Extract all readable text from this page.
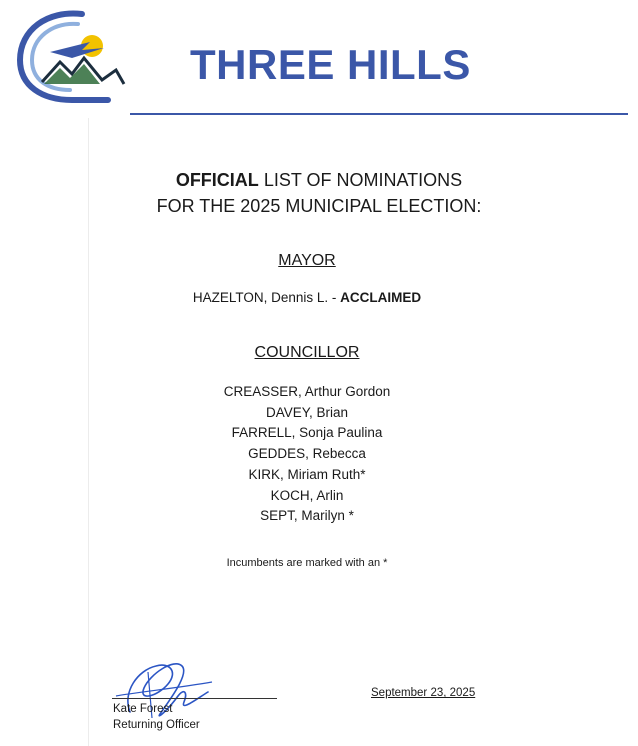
THREE HILLS
OFFICIAL LIST OF NOMINATIONS
FOR THE 2025 MUNICIPAL ELECTION:
MAYOR
HAZELTON, Dennis L. - ACCLAIMED
COUNCILLOR
CREASSER, Arthur Gordon
DAVEY, Brian
FARRELL, Sonja Paulina
GEDDES, Rebecca
KIRK, Miriam Ruth*
KOCH, Arlin
SEPT, Marilyn *
Incumbents are marked with an *
Kate Forest
Returning Officer
September 23, 2025
